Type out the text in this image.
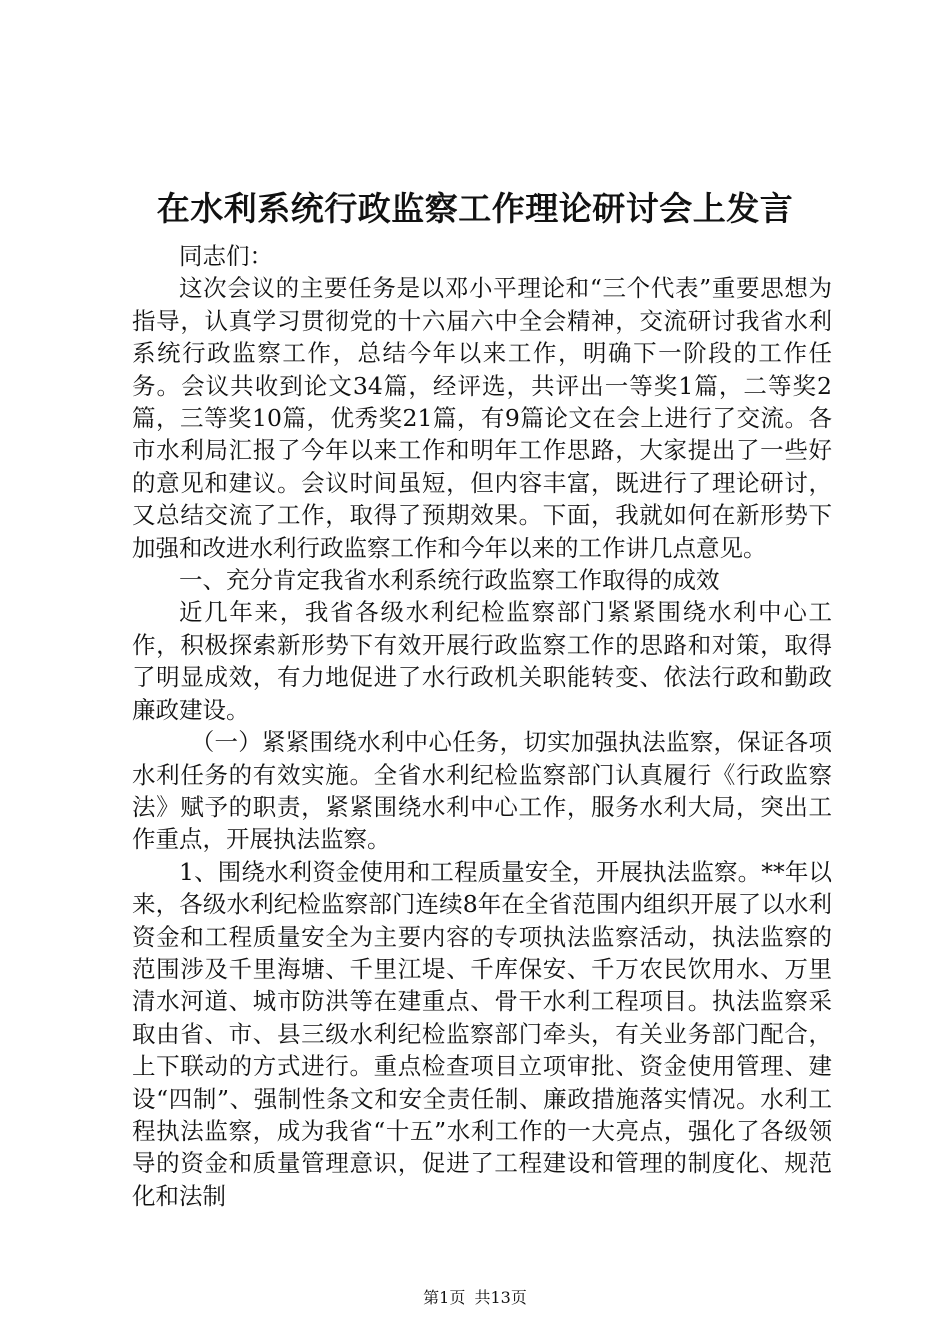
在水利系统行政监察工作理论研讨会上发言

同志们：

这次会议的主要任务是以邓小平理论和“三个代表”重要思想为指导，认真学习贯彻党的十六届六中全会精神，交流研讨我省水利系统行政监察工作，总结今年以来工作，明确下一阶段的工作任务。会议共收到论文34篇，经评选，共评出一等奖1篇，二等奖2篇，三等奖10篇，优秀奖21篇，有9篇论文在会上进行了交流。各市水利局汇报了今年以来工作和明年工作思路，大家提出了一些好的意见和建议。会议时间虽短，但内容丰富，既进行了理论研讨，又总结交流了工作，取得了预期效果。下面，我就如何在新形势下加强和改进水利行政监察工作和今年以来的工作讲几点意见。

一、充分肯定我省水利系统行政监察工作取得的成效

近几年来，我省各级水利纪检监察部门紧紧围绕水利中心工作，积极探索新形势下有效开展行政监察工作的思路和对策，取得了明显成效，有力地促进了水行政机关职能转变、依法行政和勤政廉政建设。

（一）紧紧围绕水利中心任务，切实加强执法监察，保证各项水利任务的有效实施。全省水利纪检监察部门认真履行《行政监察法》赋予的职责，紧紧围绕水利中心工作，服务水利大局，突出工作重点，开展执法监察。

1、围绕水利资金使用和工程质量安全，开展执法监察。**年以来，各级水利纪检监察部门连续8年在全省范围内组织开展了以水利资金和工程质量安全为主要内容的专项执法监察活动，执法监察的范围涉及千里海塘、千里江堤、千库保安、千万农民饮用水、万里清水河道、城市防洪等在建重点、骨干水利工程项目。执法监察采取由省、市、县三级水利纪检监察部门牵头，有关业务部门配合，上下联动的方式进行。重点检查项目立项审批、资金使用管理、建设“四制”、强制性条文和安全责任制、廉政措施落实情况。水利工程执法监察，成为我省“十五”水利工作的一大亮点，强化了各级领导的资金和质量管理意识，促进了工程建设和管理的制度化、规范化和法制

第1页 共13页
